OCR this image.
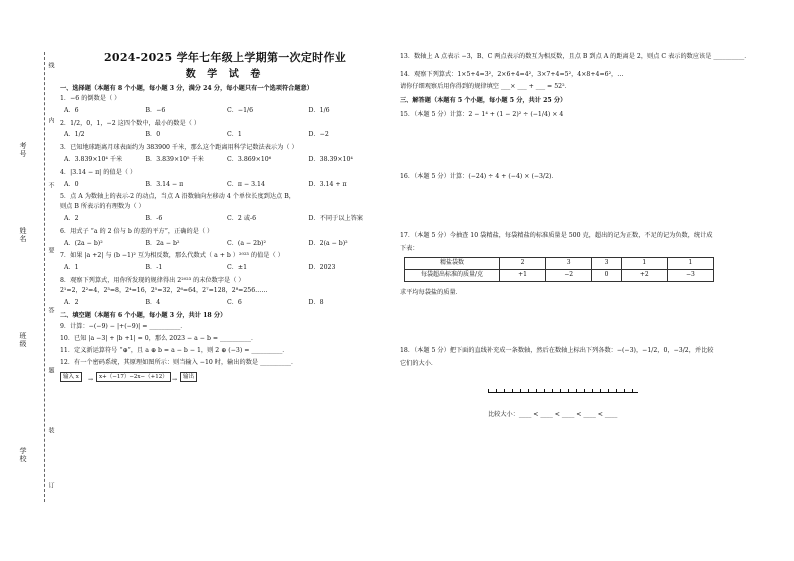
考号
姓名
班级
学校
线
内
不
要
答
题
装
订
2024-2025 学年七年级上学期第一次定时作业
数 学 试 卷
一、选择题（本题有 8 个小题，每小题 3 分，满分 24 分，每小题只有一个选项符合题意）
1．−6 的倒数是（ ）
A．6	B．−6	C．−1/6	D．1/6
2．1/2，0，1，−2 这四个数中，最小的数是（ ）
A．1/2	B．0	C．1	D．−2
3．已知地球距离月球表面约为 383900 千米，那么这个距离用科学记数法表示为（ ）
A．3.839×10⁴ 千米	B．3.839×10⁵ 千米	C．3.869×10⁶	D．38.39×10⁴
4．|3.14 − π| 的值是（ ）
A．0	B．3.14 − π	C．π − 3.14	D．3.14 + π
5．点 A 为数轴上的表示-2 的动点，当点 A 沿数轴向左移动 4 个单位长度到达点 B，
则点 B 所表示的有理数为（ ）
A．2	B．-6	C．2 或-6	D．不同于以上答案
6．用式子 “a 的 2 倍与 b 的差的平方”，正确的是（ ）
A．(2a − b)²	B．2a − b²	C．(a − 2b)²	D．2(a − b)²
7．如果 |a +2| 与 (b −1)² 互为相反数，那么代数式（ a + b ）²⁰²³ 的值是（ ）
A．1	B．-1	C．±1	D．2023
8．观察下列算式，用你所发现的规律得出 2²⁰²³ 的末位数字是（ ）
2¹=2，2²=4，2³=8，2⁴=16，2⁵=32，2⁶=64，2⁷=128，2⁸=256……
A．2	B．4	C．6	D．8
二、填空题（本题有 6 个小题，每小题 3 分，共计 18 分）
9．计算：−(−9) − |+(−9)| = __________．
10．已知 |a −3| + |b +1| = 0，那么 2023 − a − b = __________．
11．定义新运算符号 “⊕”，且 a ⊕ b = a − b − 1，则 2 ⊕ (−3) = __________．
12．有一个密码系统，其原理如图所示：则当输入 −10 时，输出的数是 __________．
输入 x	→	x+（−17）−2x−（+12） →	输出
13．数轴上 A 点表示 −3，B、C 两点表示的数互为相反数，且点 B 到点 A 的距离是 2，则点 C 表示的数应该是 __________．
14．观察下列算式：1×5+4=3²，2×6+4=4²，3×7+4=5²，4×8+4=6²，…
请你仔细观察后用你得到的规律填空 ___× ___ + ___ = 52²．
三、解答题（本题有 5 个小题，每小题 5 分，共计 25 分）
15．（本题 5 分）计算：2 − 1⁴ + (1 − 2)² ÷ (−1/4) × 4
16．（本题 5 分）计算：(−24) ÷ 4 + (−4) × (−3/2)．
17．（本题 5 分）今抽查 10 袋精盐，每袋精盐的标准质量是 500 克，超出的记为正数，不足的记为负数，统计成
下表：
精盐袋数	2	3	3	1	1
每袋超出标准的质量/克	+1	−2	0	+2	−3
求平均每袋盐的质量．
18．（本题 5 分）把下面的直线补充成一条数轴，然后在数轴上标出下列各数：−(−3)，−1/2，0，−3/2，并比较
它们的大小．
比较大小：____ < ____ < ____ < ____ < ____
